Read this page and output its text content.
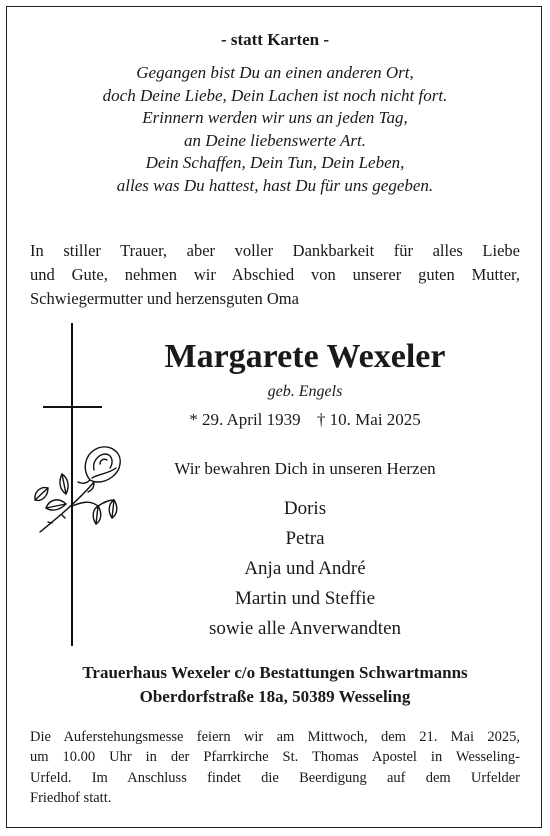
- statt Karten -
Gegangen bist Du an einen anderen Ort,
doch Deine Liebe, Dein Lachen ist noch nicht fort.
Erinnern werden wir uns an jeden Tag,
an Deine liebenswerte Art.
Dein Schaffen, Dein Tun, Dein Leben,
alles was Du hattest, hast Du für uns gegeben.
In stiller Trauer, aber voller Dankbarkeit für alles Liebe
und Gute, nehmen wir Abschied von unserer guten Mutter,
Schwiegermutter und herzensguten Oma
Margarete Wexeler
geb. Engels
* 29. April 1939 † 10. Mai 2025
Wir bewahren Dich in unseren Herzen
Doris
Petra
Anja und André
Martin und Steffie
sowie alle Anverwandten
Trauerhaus Wexeler c/o Bestattungen Schwartmanns
Oberdorfstraße 18a, 50389 Wesseling
Die Auferstehungsmesse feiern wir am Mittwoch, dem 21. Mai 2025,
um 10.00 Uhr in der Pfarrkirche St. Thomas Apostel in Wesseling-
Urfeld. Im Anschluss findet die Beerdigung auf dem Urfelder
Friedhof statt.
